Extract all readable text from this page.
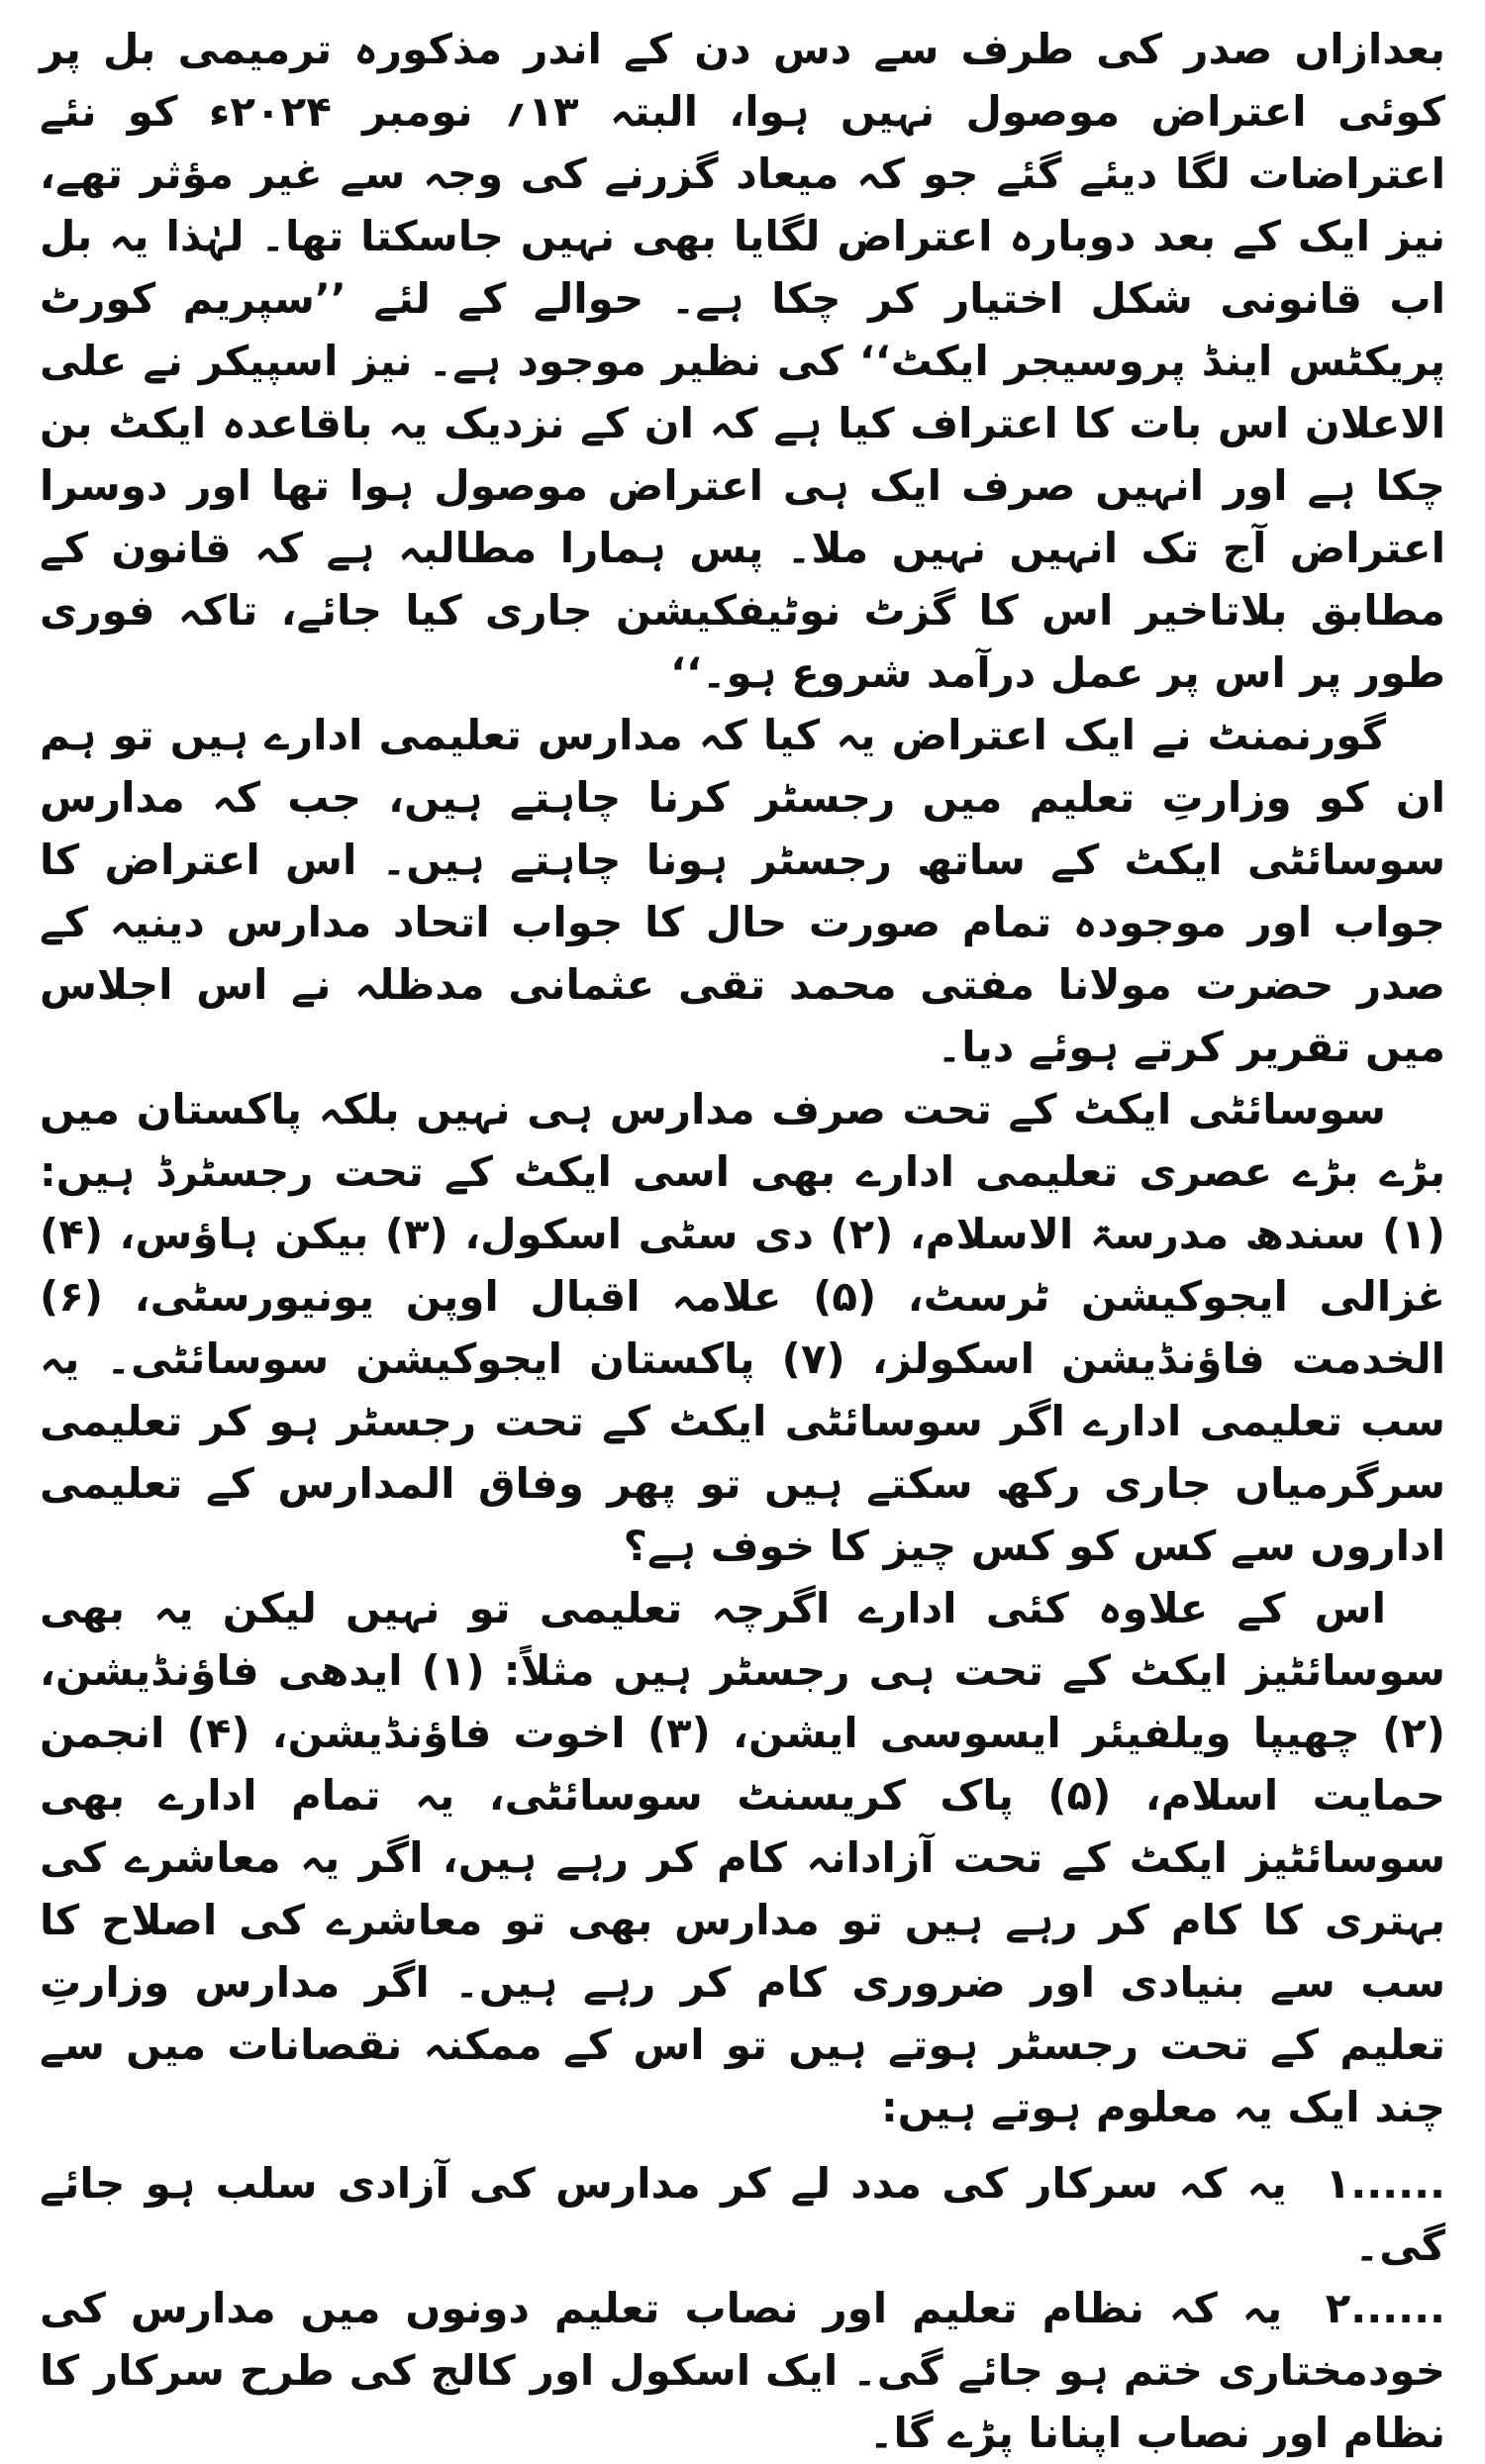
بعدازاں صدر کی طرف سے دس دن کے اندر مذکورہ ترمیمی بل پر کوئی اعتراض موصول نہیں ہوا، البتہ ۱۳؍ نومبر ۲۰۲۴ء کو نئے اعتراضات لگا دیئے گئے جو کہ میعاد گزرنے کی وجہ سے غیر مؤثر تھے، نیز ایک کے بعد دوبارہ اعتراض لگایا بھی نہیں جاسکتا تھا۔ لہٰذا یہ بل اب قانونی شکل اختیار کر چکا ہے۔ حوالے کے لئے ’’سپریم کورٹ پریکٹس اینڈ پروسیجر ایکٹ‘‘ کی نظیر موجود ہے۔ نیز اسپیکر نے علی الاعلان اس بات کا اعتراف کیا ہے کہ ان کے نزدیک یہ باقاعدہ ایکٹ بن چکا ہے اور انہیں صرف ایک ہی اعتراض موصول ہوا تھا اور دوسرا اعتراض آج تک انہیں نہیں ملا۔ پس ہمارا مطالبہ ہے کہ قانون کے مطابق بلاتاخیر اس کا گزٹ نوٹیفکیشن جاری کیا جائے، تاکہ فوری طور پر اس پر عمل درآمد شروع ہو۔‘‘

گورنمنٹ نے ایک اعتراض یہ کیا کہ مدارس تعلیمی ادارے ہیں تو ہم ان کو وزارتِ تعلیم میں رجسٹر کرنا چاہتے ہیں، جب کہ مدارس سوسائٹی ایکٹ کے ساتھ رجسٹر ہونا چاہتے ہیں۔ اس اعتراض کا جواب اور موجودہ تمام صورت حال کا جواب اتحاد مدارس دینیہ کے صدر حضرت مولانا مفتی محمد تقی عثمانی مدظلہ نے اس اجلاس میں تقریر کرتے ہوئے دیا۔

سوسائٹی ایکٹ کے تحت صرف مدارس ہی نہیں بلکہ پاکستان میں بڑے بڑے عصری تعلیمی ادارے بھی اسی ایکٹ کے تحت رجسٹرڈ ہیں: (۱) سندھ مدرسۃ الاسلام، (۲) دی سٹی اسکول، (۳) بیکن ہاؤس، (۴) غزالی ایجوکیشن ٹرسٹ، (۵) علامہ اقبال اوپن یونیورسٹی، (۶) الخدمت فاؤنڈیشن اسکولز، (۷) پاکستان ایجوکیشن سوسائٹی۔ یہ سب تعلیمی ادارے اگر سوسائٹی ایکٹ کے تحت رجسٹر ہو کر تعلیمی سرگرمیاں جاری رکھ سکتے ہیں تو پھر وفاق المدارس کے تعلیمی اداروں سے کس کو کس چیز کا خوف ہے؟

اس کے علاوہ کئی ادارے اگرچہ تعلیمی تو نہیں لیکن یہ بھی سوسائٹیز ایکٹ کے تحت ہی رجسٹر ہیں مثلاً: (۱) ایدھی فاؤنڈیشن، (۲) چھیپا ویلفیئر ایسوسی ایشن، (۳) اخوت فاؤنڈیشن، (۴) انجمن حمایت اسلام، (۵) پاک کریسنٹ سوسائٹی، یہ تمام ادارے بھی سوسائٹیز ایکٹ کے تحت آزادانہ کام کر رہے ہیں، اگر یہ معاشرے کی بہتری کا کام کر رہے ہیں تو مدارس بھی تو معاشرے کی اصلاح کا سب سے بنیادی اور ضروری کام کر رہے ہیں۔ اگر مدارس وزارتِ تعلیم کے تحت رجسٹر ہوتے ہیں تو اس کے ممکنہ نقصانات میں سے چند ایک یہ معلوم ہوتے ہیں:

۱...... یہ کہ سرکار کی مدد لے کر مدارس کی آزادی سلب ہو جائے گی۔
۲...... یہ کہ نظام تعلیم اور نصاب تعلیم دونوں میں مدارس کی خودمختاری ختم ہو جائے گی۔ ایک اسکول اور کالج کی طرح سرکار کا نظام اور نصاب اپنانا پڑے گا۔
